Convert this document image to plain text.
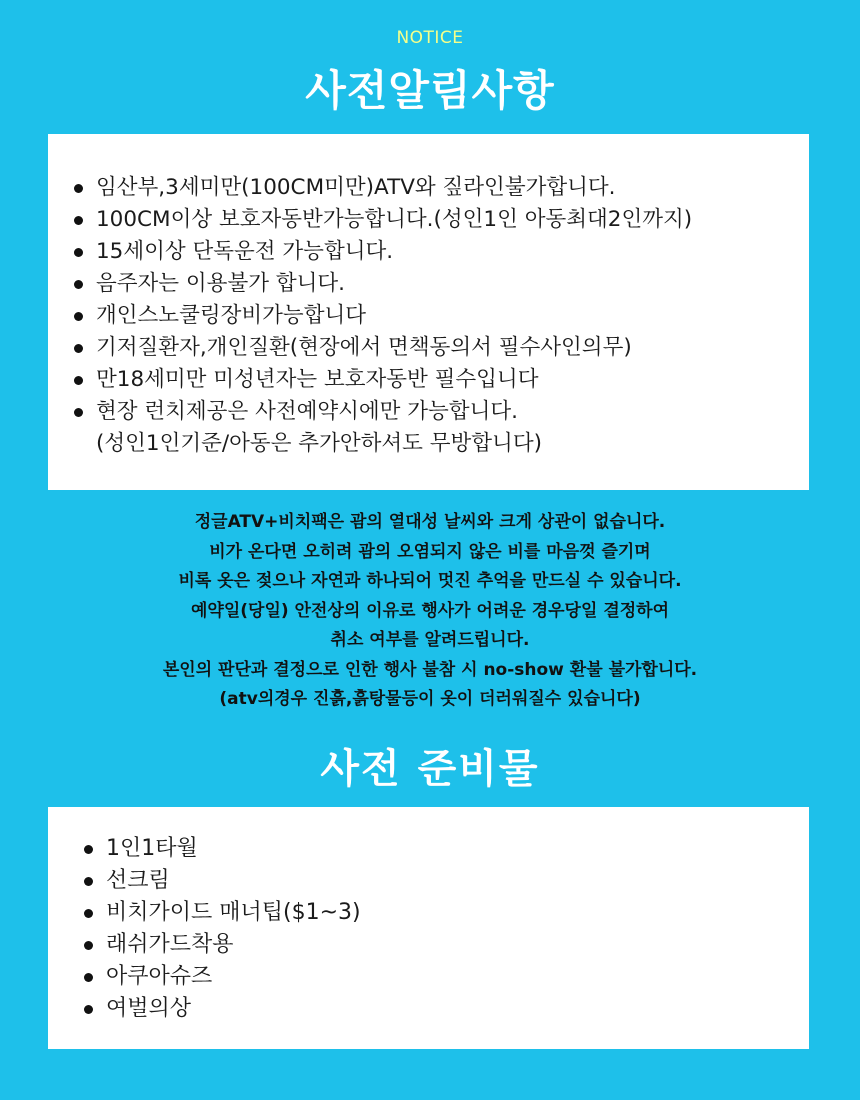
NOTICE
사전알림사항
임산부,3세미만(100CM미만)ATV와 짚라인불가합니다.
100CM이상 보호자동반가능합니다.(성인1인 아동최대2인까지)
15세이상 단독운전 가능합니다.
음주자는 이용불가 합니다.
개인스노쿨링장비가능합니다
기저질환자,개인질환(현장에서 면책동의서 필수사인의무)
만18세미만 미성년자는 보호자동반 필수입니다
현장 런치제공은 사전예약시에만 가능합니다.
(성인1인기준/아동은 추가안하셔도 무방합니다)
정글ATV+비치팩은 괌의 열대성 날씨와 크게 상관이 없습니다.
비가 온다면 오히려 괌의 오염되지 않은 비를 마음껏 즐기며
비록 옷은 젖으나 자연과 하나되어 멋진 추억을 만드실 수 있습니다.
예약일(당일) 안전상의 이유로 행사가 어려운 경우당일 결정하여
취소 여부를 알려드립니다.
본인의 판단과 결정으로 인한 행사 불참 시 no-show 환불 불가합니다.
(atv의경우 진흙,흙탕물등이 옷이 더러워질수 있습니다)
사전 준비물
1인1타월
선크림
비치가이드 매너팁($1~3)
래쉬가드착용
아쿠아슈즈
여벌의상
